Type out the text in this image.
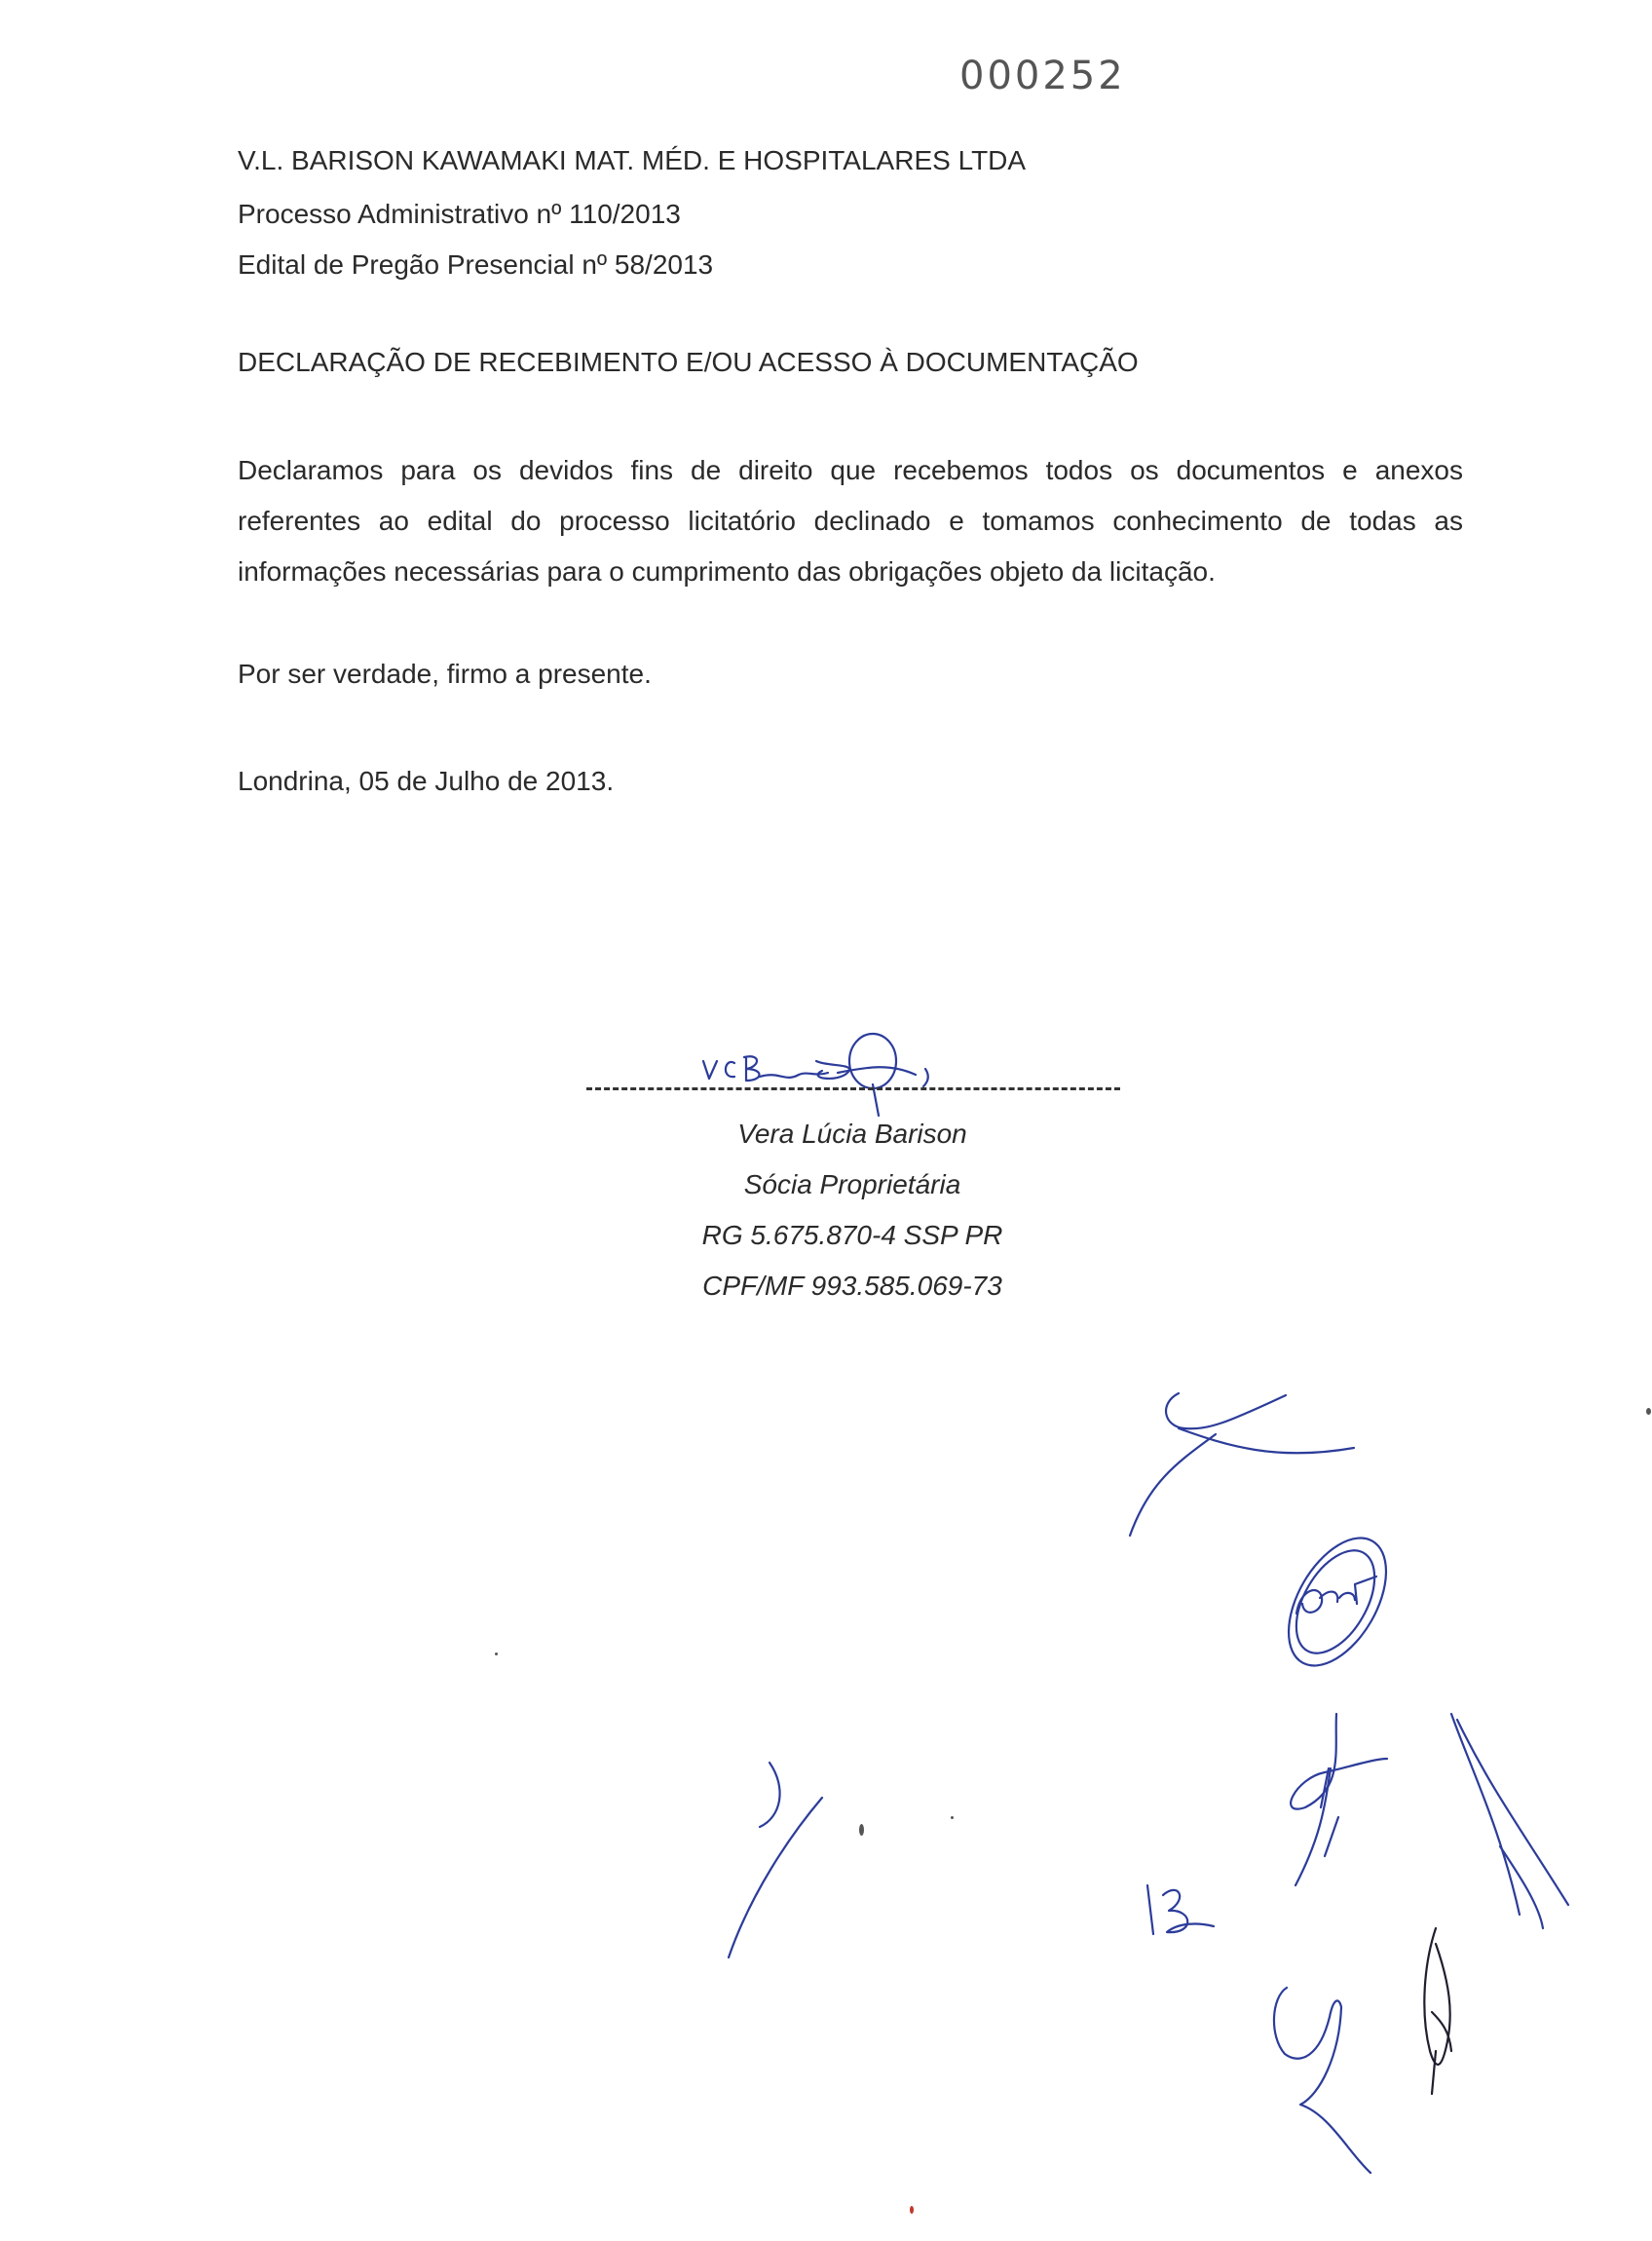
000252
V.L. BARISON KAWAMAKI MAT. MÉD. E HOSPITALARES LTDA
Processo Administrativo nº 110/2013
Edital de Pregão Presencial nº 58/2013
DECLARAÇÃO DE RECEBIMENTO E/OU ACESSO À DOCUMENTAÇÃO
Declaramos para os devidos fins de direito que recebemos todos os documentos e anexos referentes ao edital do processo licitatório declinado e tomamos conhecimento de todas as informações necessárias para o cumprimento das obrigações objeto da licitação.
Por ser verdade, firmo a presente.
Londrina, 05 de Julho de 2013.
Vera Lúcia Barison
Sócia Proprietária
RG 5.675.870-4 SSP PR
CPF/MF 993.585.069-73
